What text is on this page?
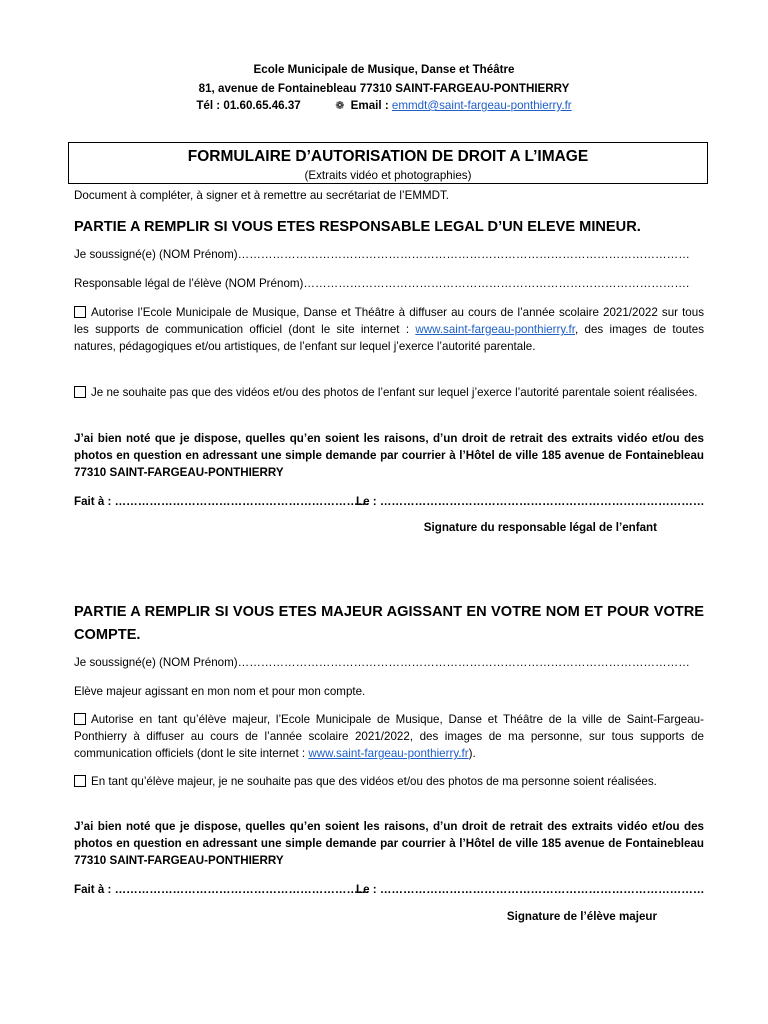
Ecole Municipale de Musique, Danse et Théâtre
81, avenue de Fontainebleau 77310 SAINT-FARGEAU-PONTHIERRY
Tél : 01.60.65.46.37	❁ Email : emmdt@saint-fargeau-ponthierry.fr
FORMULAIRE D’AUTORISATION DE DROIT A L’IMAGE
(Extraits vidéo et photographies)
Document à compléter, à signer et à remettre au secrétariat de l’EMMDT.
PARTIE A REMPLIR SI VOUS ETES RESPONSABLE LEGAL D’UN ELEVE MINEUR.
Je soussigné(e) (NOM Prénom)………………………………………………………………………………………………………
Responsable légal de l’élève (NOM Prénom)……………………………………………………………………………………….
Autorise l’Ecole Municipale de Musique, Danse et Théâtre à diffuser au cours de l’année scolaire 2021/2022 sur tous les supports de communication officiel (dont le site internet : www.saint-fargeau-ponthierry.fr, des images de toutes natures, pédagogiques et/ou artistiques, de l’enfant sur lequel j’exerce l’autorité parentale.
Je ne souhaite pas que des vidéos et/ou des photos de l’enfant sur lequel j’exerce l’autorité parentale soient réalisées.
J’ai bien noté que je dispose, quelles qu’en soient les raisons, d’un droit de retrait des extraits vidéo et/ou des photos en question en adressant une simple demande par courrier à l’Hôtel de ville 185 avenue de Fontainebleau 77310 SAINT-FARGEAU-PONTHIERRY
Fait à : …………………………………………………………
Le : …………………………………………………………………………
Signature du responsable légal de l’enfant
PARTIE A REMPLIR SI VOUS ETES MAJEUR AGISSANT EN VOTRE NOM ET POUR VOTRE COMPTE.
Je soussigné(e) (NOM Prénom)………………………………………………………………………………………………………
Elève majeur agissant en mon nom et pour mon compte.
Autorise en tant qu’élève majeur, l’Ecole Municipale de Musique, Danse et Théâtre de la ville de Saint-Fargeau-Ponthierry à diffuser au cours de l’année scolaire 2021/2022, des images de ma personne, sur tous supports de communication officiels (dont le site internet : www.saint-fargeau-ponthierry.fr).
En tant qu’élève majeur, je ne souhaite pas que des vidéos et/ou des photos de ma personne soient réalisées.
J’ai bien noté que je dispose, quelles qu’en soient les raisons, d’un droit de retrait des extraits vidéo et/ou des photos en question en adressant une simple demande par courrier à l’Hôtel de ville 185 avenue de Fontainebleau 77310 SAINT-FARGEAU-PONTHIERRY
Fait à : …………………………………………………………
Le : …………………………………………………………………………
Signature de l’élève majeur
